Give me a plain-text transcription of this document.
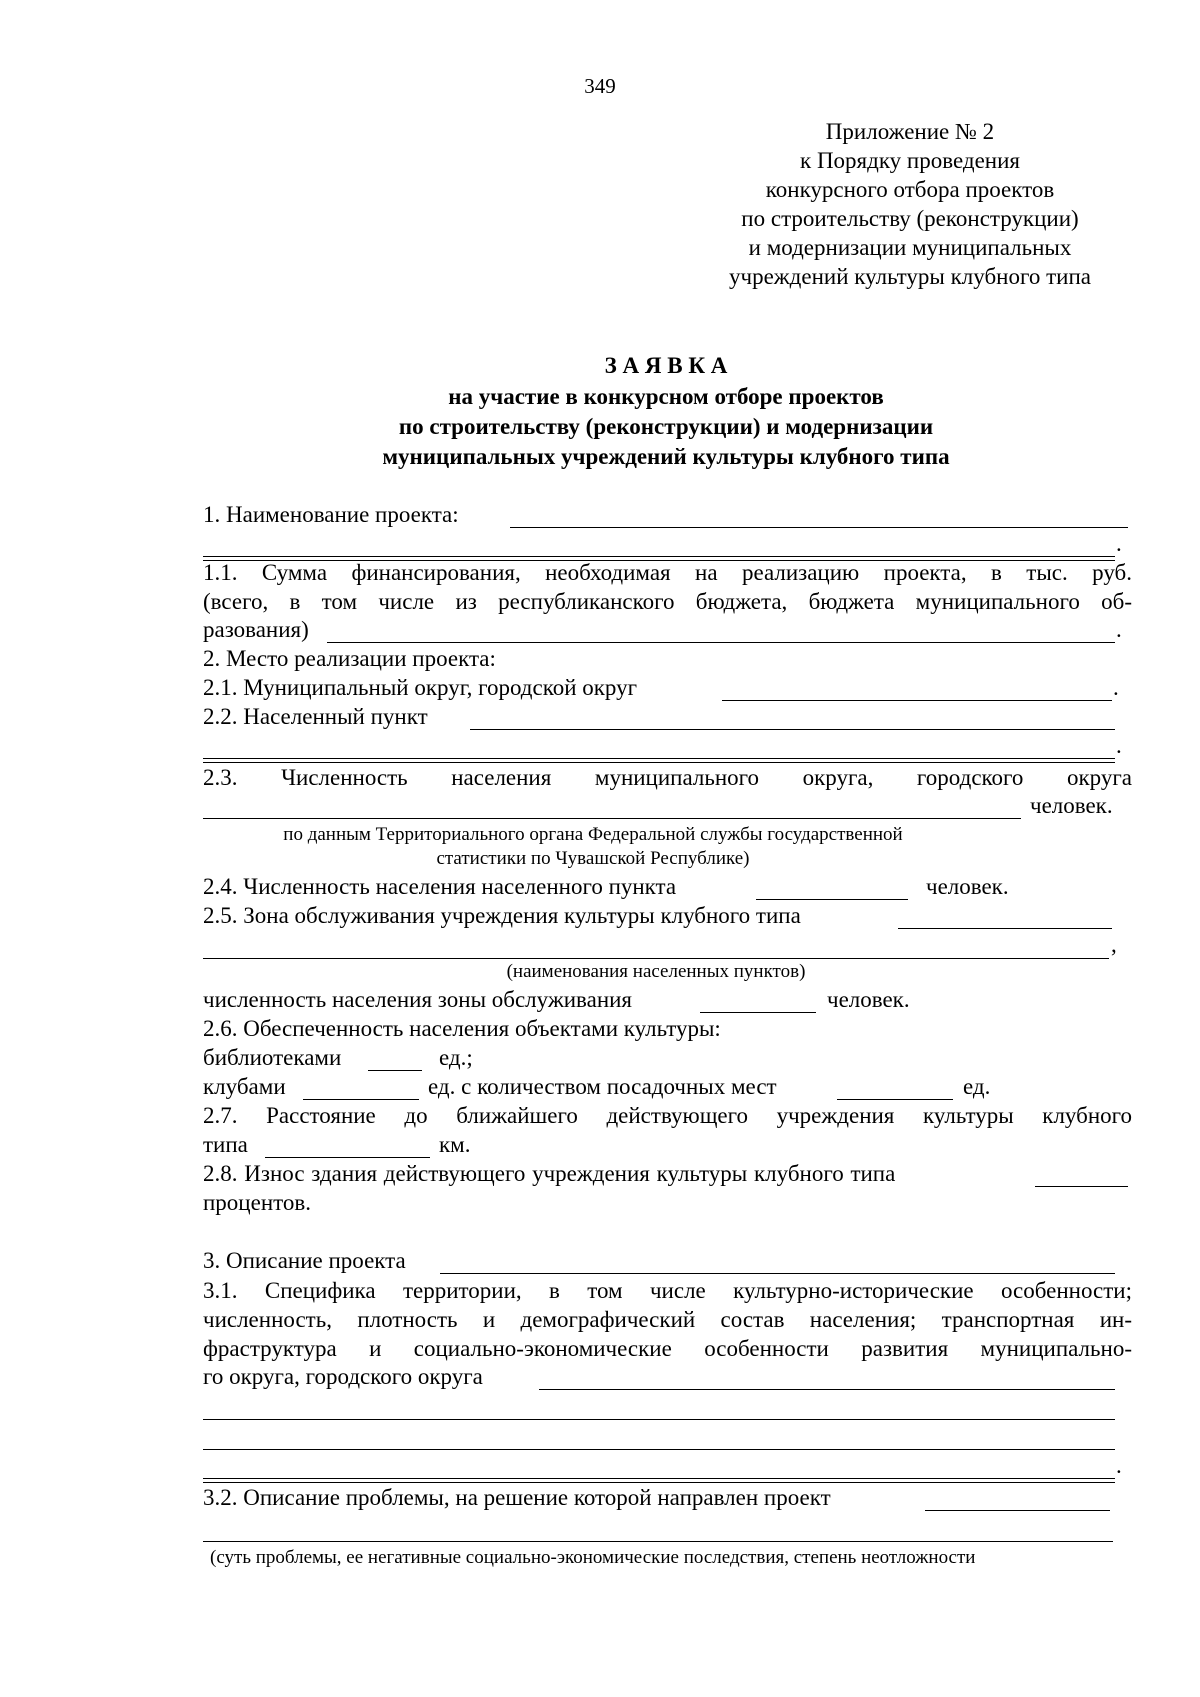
349
Приложение № 2
к Порядку проведения
конкурсного отбора проектов
по строительству (реконструкции)
и модернизации муниципальных
учреждений культуры клубного типа
З А Я В К А
на участие в конкурсном отборе проектов
по строительству (реконструкции) и модернизации
муниципальных учреждений культуры клубного типа
1. Наименование проекта:
.
1.1. Сумма финансирования, необходимая на реализацию проекта, в тыс. руб.
(всего, в том числе из республиканского бюджета, бюджета муниципального об-
разования)	.
2. Место реализации проекта:
2.1. Муниципальный округ, городской округ	.
2.2. Населенный пункт
.
2.3. Численность населения муниципального округа, городского округа
человек.
по данным Территориального органа Федеральной службы государственной
статистики по Чувашской Республике)
2.4. Численность населения населенного пункта	человек.
2.5. Зона обслуживания учреждения культуры клубного типа
,
(наименования населенных пунктов)
численность населения зоны обслуживания	человек.
2.6. Обеспеченность населения объектами культуры:
библиотеками	ед.;
клубами	ед. с количеством посадочных мест	ед.
2.7. Расстояние до ближайшего действующего учреждения культуры клубного
типа	км.
2.8. Износ здания действующего учреждения культуры клубного типа
процентов.
3. Описание проекта
3.1. Специфика территории, в том числе культурно-исторические особенности;
численность, плотность и демографический состав населения; транспортная ин-
фраструктура и социально-экономические особенности развития муниципально-
го округа, городского округа
.
3.2. Описание проблемы, на решение которой направлен проект
(суть проблемы, ее негативные социально-экономические последствия, степень неотложности
